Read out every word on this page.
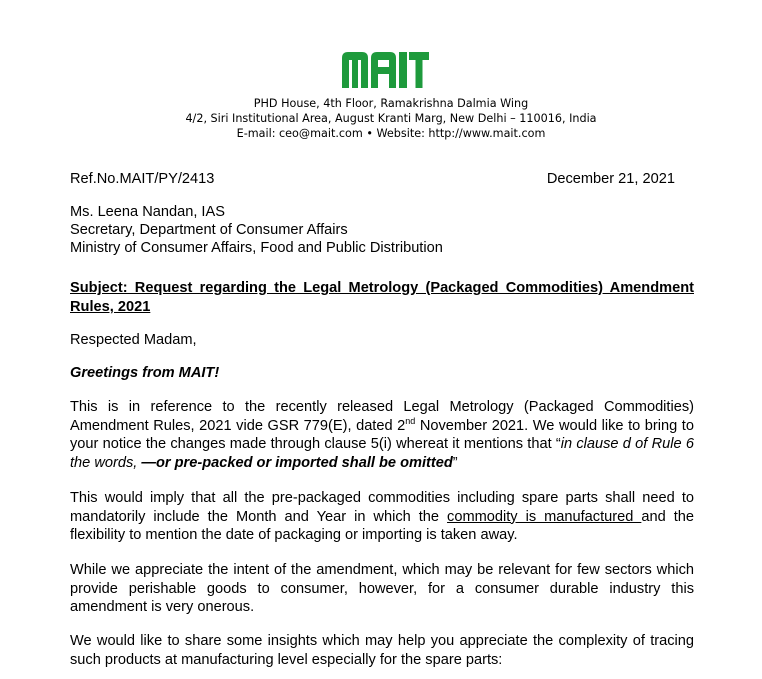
PHD House, 4th Floor, Ramakrishna Dalmia Wing
4/2, Siri Institutional Area, August Kranti Marg, New Delhi – 110016, India
E-mail: ceo@mait.com • Website: http://www.mait.com
Ref.No.MAIT/PY/2413	December 21, 2021
Ms. Leena Nandan, IAS
Secretary, Department of Consumer Affairs
Ministry of Consumer Affairs, Food and Public Distribution
Subject: Request regarding the Legal Metrology (Packaged Commodities) Amendment Rules, 2021
Respected Madam,
Greetings from MAIT!
This is in reference to the recently released Legal Metrology (Packaged Commodities) Amendment Rules, 2021 vide GSR 779(E), dated 2nd November 2021. We would like to bring to your notice the changes made through clause 5(i) whereat it mentions that “in clause d of Rule 6 the words, —or pre-packed or imported shall be omitted”
This would imply that all the pre-packaged commodities including spare parts shall need to mandatorily include the Month and Year in which the commodity is manufactured and the flexibility to mention the date of packaging or importing is taken away.
While we appreciate the intent of the amendment, which may be relevant for few sectors which provide perishable goods to consumer, however, for a consumer durable industry this amendment is very onerous.
We would like to share some insights which may help you appreciate the complexity of tracing such products at manufacturing level especially for the spare parts:
